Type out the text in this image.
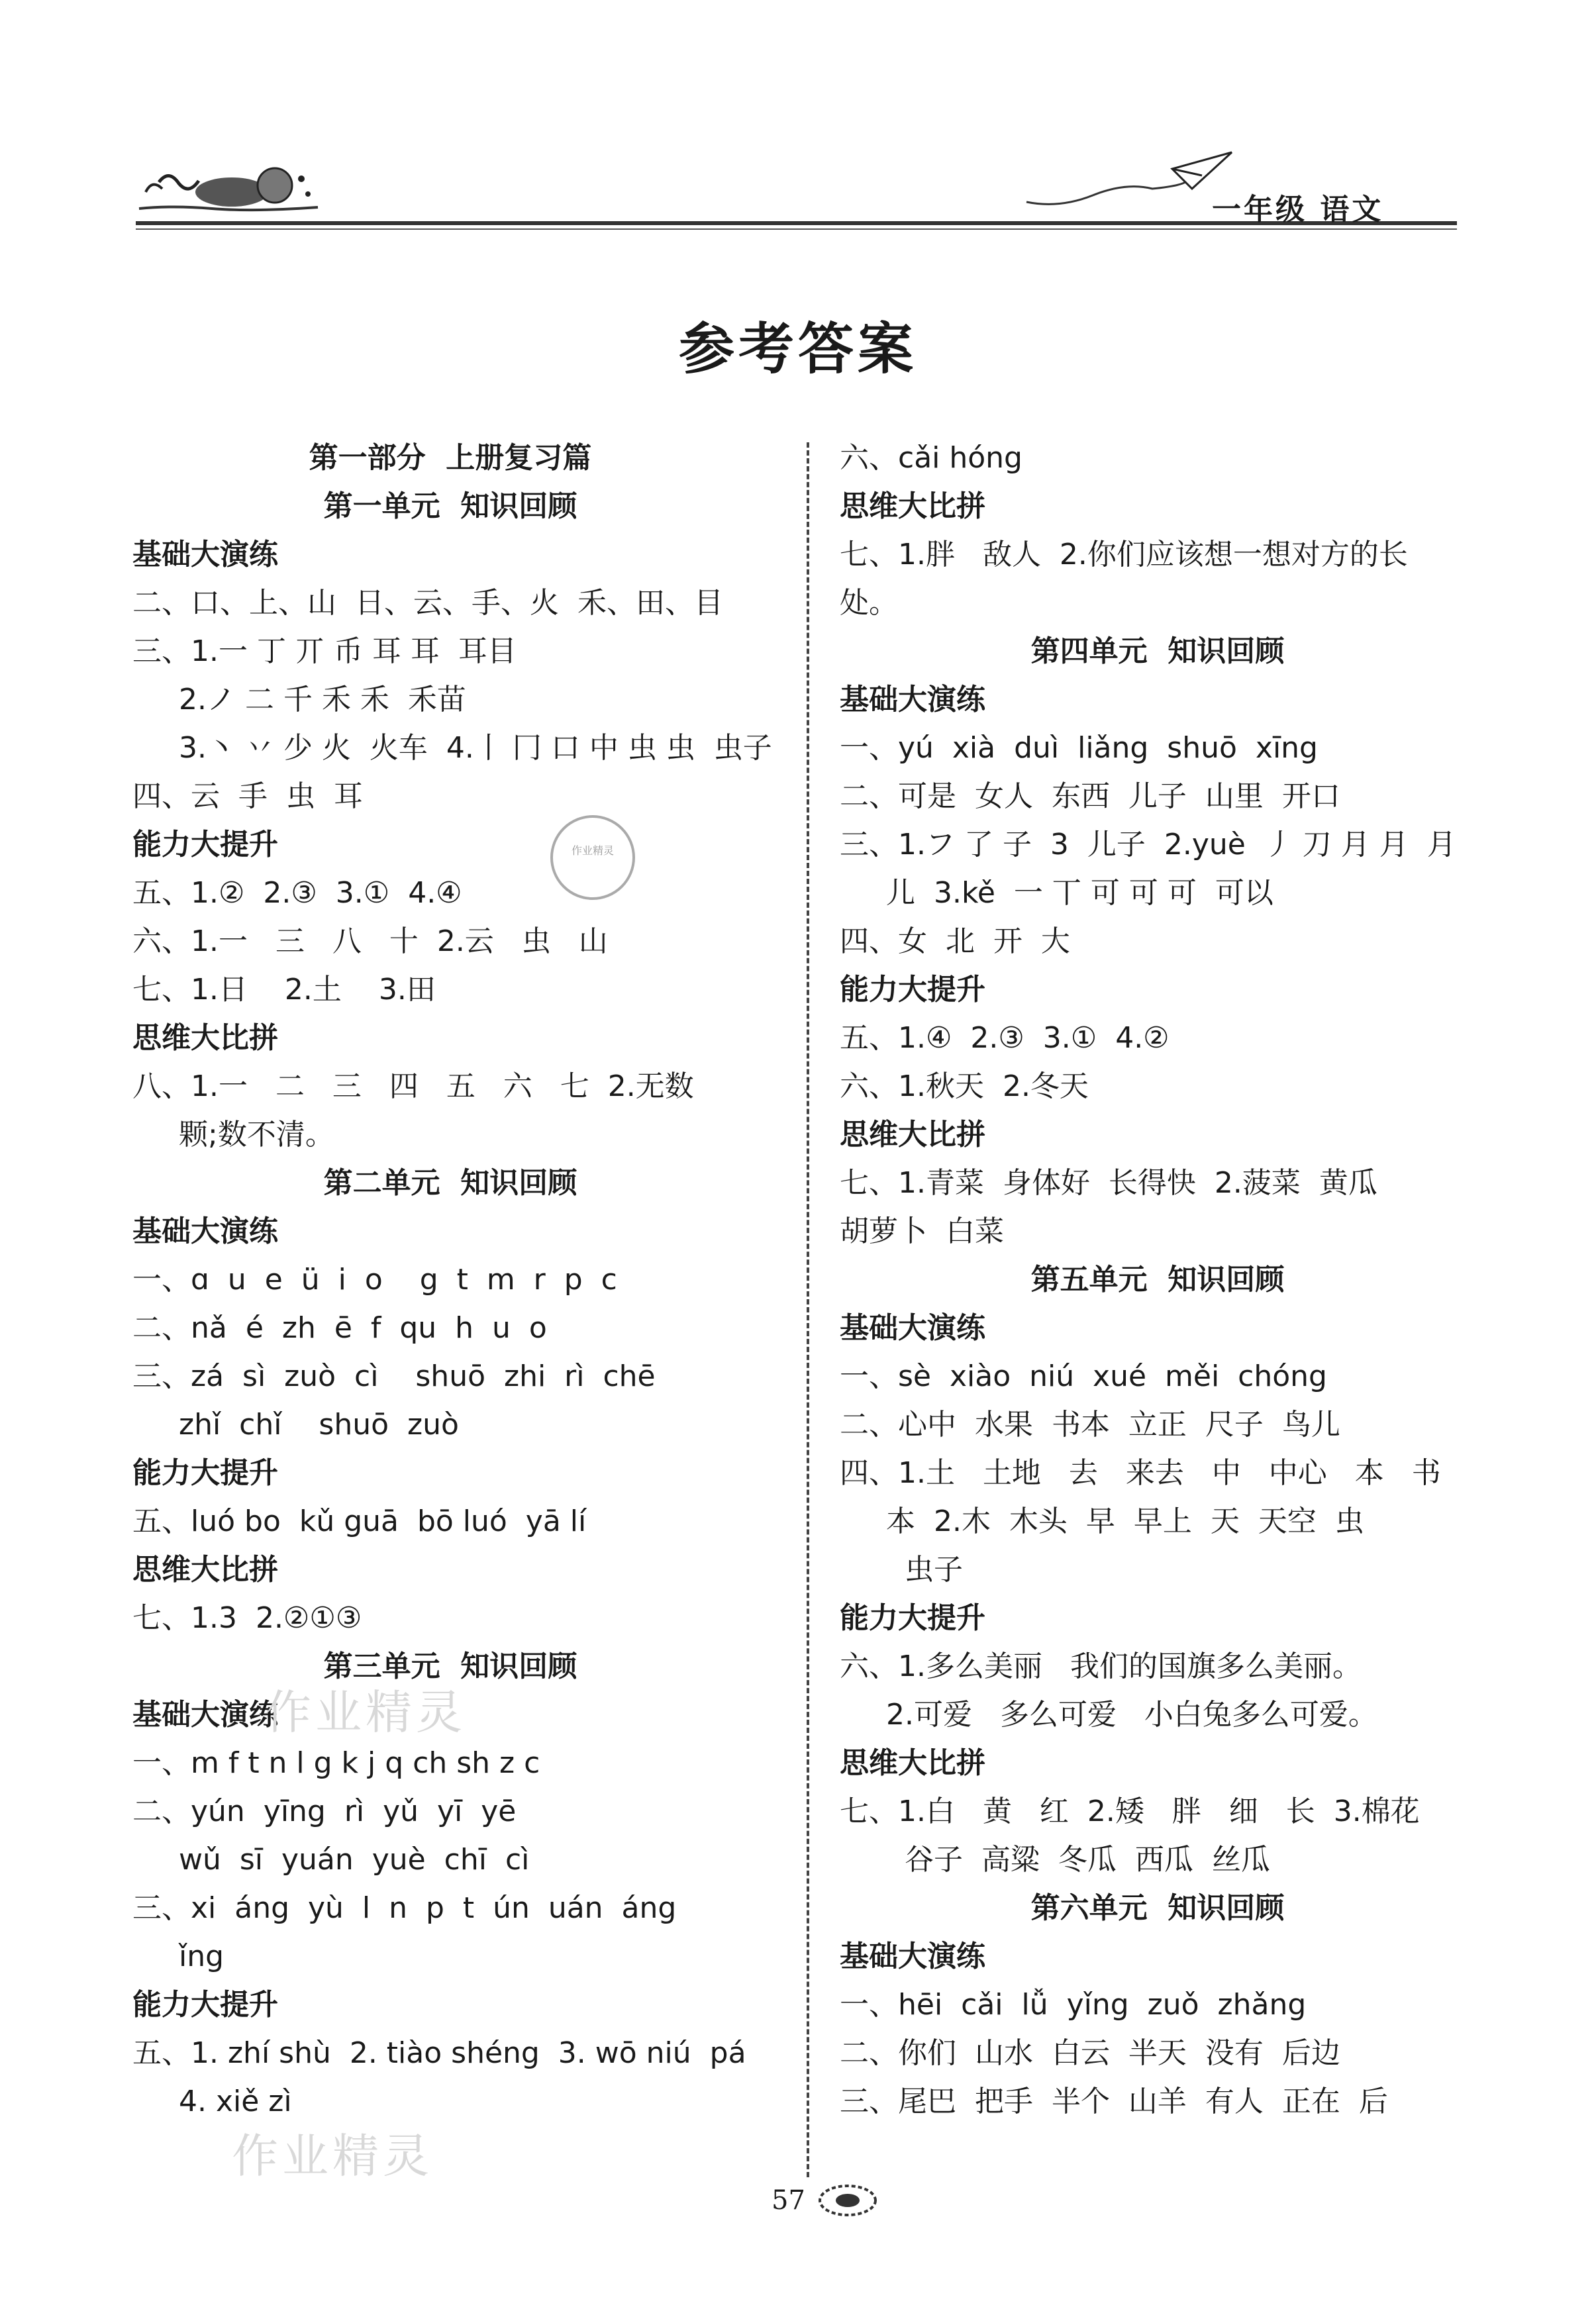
一年级 语文
参考答案
第一部分  上册复习篇
第一单元  知识回顾
基础大演练
二、口、上、山  日、云、手、火  禾、田、目
三、1.一 丁 丌 币 耳 耳  耳目
2.ノ 二 千 禾 禾  禾苗
3.丶 丷 少 火  火车  4.丨 冂 口 中 虫 虫  虫子
四、云  手  虫  耳
能力大提升
五、1.②  2.③  3.①  4.④
六、1.一   三   八   十  2.云   虫   山
七、1.日    2.土    3.田
思维大比拼
八、1.一   二   三   四   五   六   七  2.无数
颗;数不清。
第二单元  知识回顾
基础大演练
一、ɑ  u  e  ü  i  o    g  t  m  r  p  c
二、nǎ  é  zh  ē  f  qu  h  u  o
三、zá  sì  zuò  cì    shuō  zhi  rì  chē
zhǐ  chǐ    shuō  zuò
能力大提升
五、luó bo  kǔ guā  bō luó  yā lí
思维大比拼
七、1.3  2.②①③
第三单元  知识回顾
基础大演练
一、m f t n l g k j q ch sh z c
二、yún  yīng  rì  yǔ  yī  yē
wǔ  sī  yuán  yuè  chī  cì
三、xi  áng  yù  l  n  p  t  ún  uán  áng
ǐng
能力大提升
五、1. zhí shù  2. tiào shéng  3. wō niú  pá
4. xiě zì
六、cǎi hóng
思维大比拼
七、1.胖   敌人  2.你们应该想一想对方的长
处。
第四单元  知识回顾
基础大演练
一、yú  xià  duì  liǎng  shuō  xīng
二、可是  女人  东西  儿子  山里  开口
三、1.フ 了 子  3  儿子  2.yuè  丿 刀 月 月  月
儿  3.kě  一 丅 可 可 可  可以
四、女  北  开  大
能力大提升
五、1.④  2.③  3.①  4.②
六、1.秋天  2.冬天
思维大比拼
七、1.青菜  身体好  长得快  2.菠菜  黄瓜
胡萝卜  白菜
第五单元  知识回顾
基础大演练
一、sè  xiào  niú  xué  měi  chóng
二、心中  水果  书本  立正  尺子  鸟儿
四、1.土   土地   去   来去   中   中心   本   书
本  2.木  木头  早  早上  天  天空  虫
虫子
能力大提升
六、1.多么美丽   我们的国旗多么美丽。
2.可爱   多么可爱   小白兔多么可爱。
思维大比拼
七、1.白   黄   红  2.矮   胖   细   长  3.棉花
谷子  高粱  冬瓜  西瓜  丝瓜
第六单元  知识回顾
基础大演练
一、hēi  cǎi  lǚ  yǐng  zuǒ  zhǎng
二、你们  山水  白云  半天  没有  后边
三、尾巴  把手  半个  山羊  有人  正在  后
作业精灵
作业精灵
作业精灵
57
